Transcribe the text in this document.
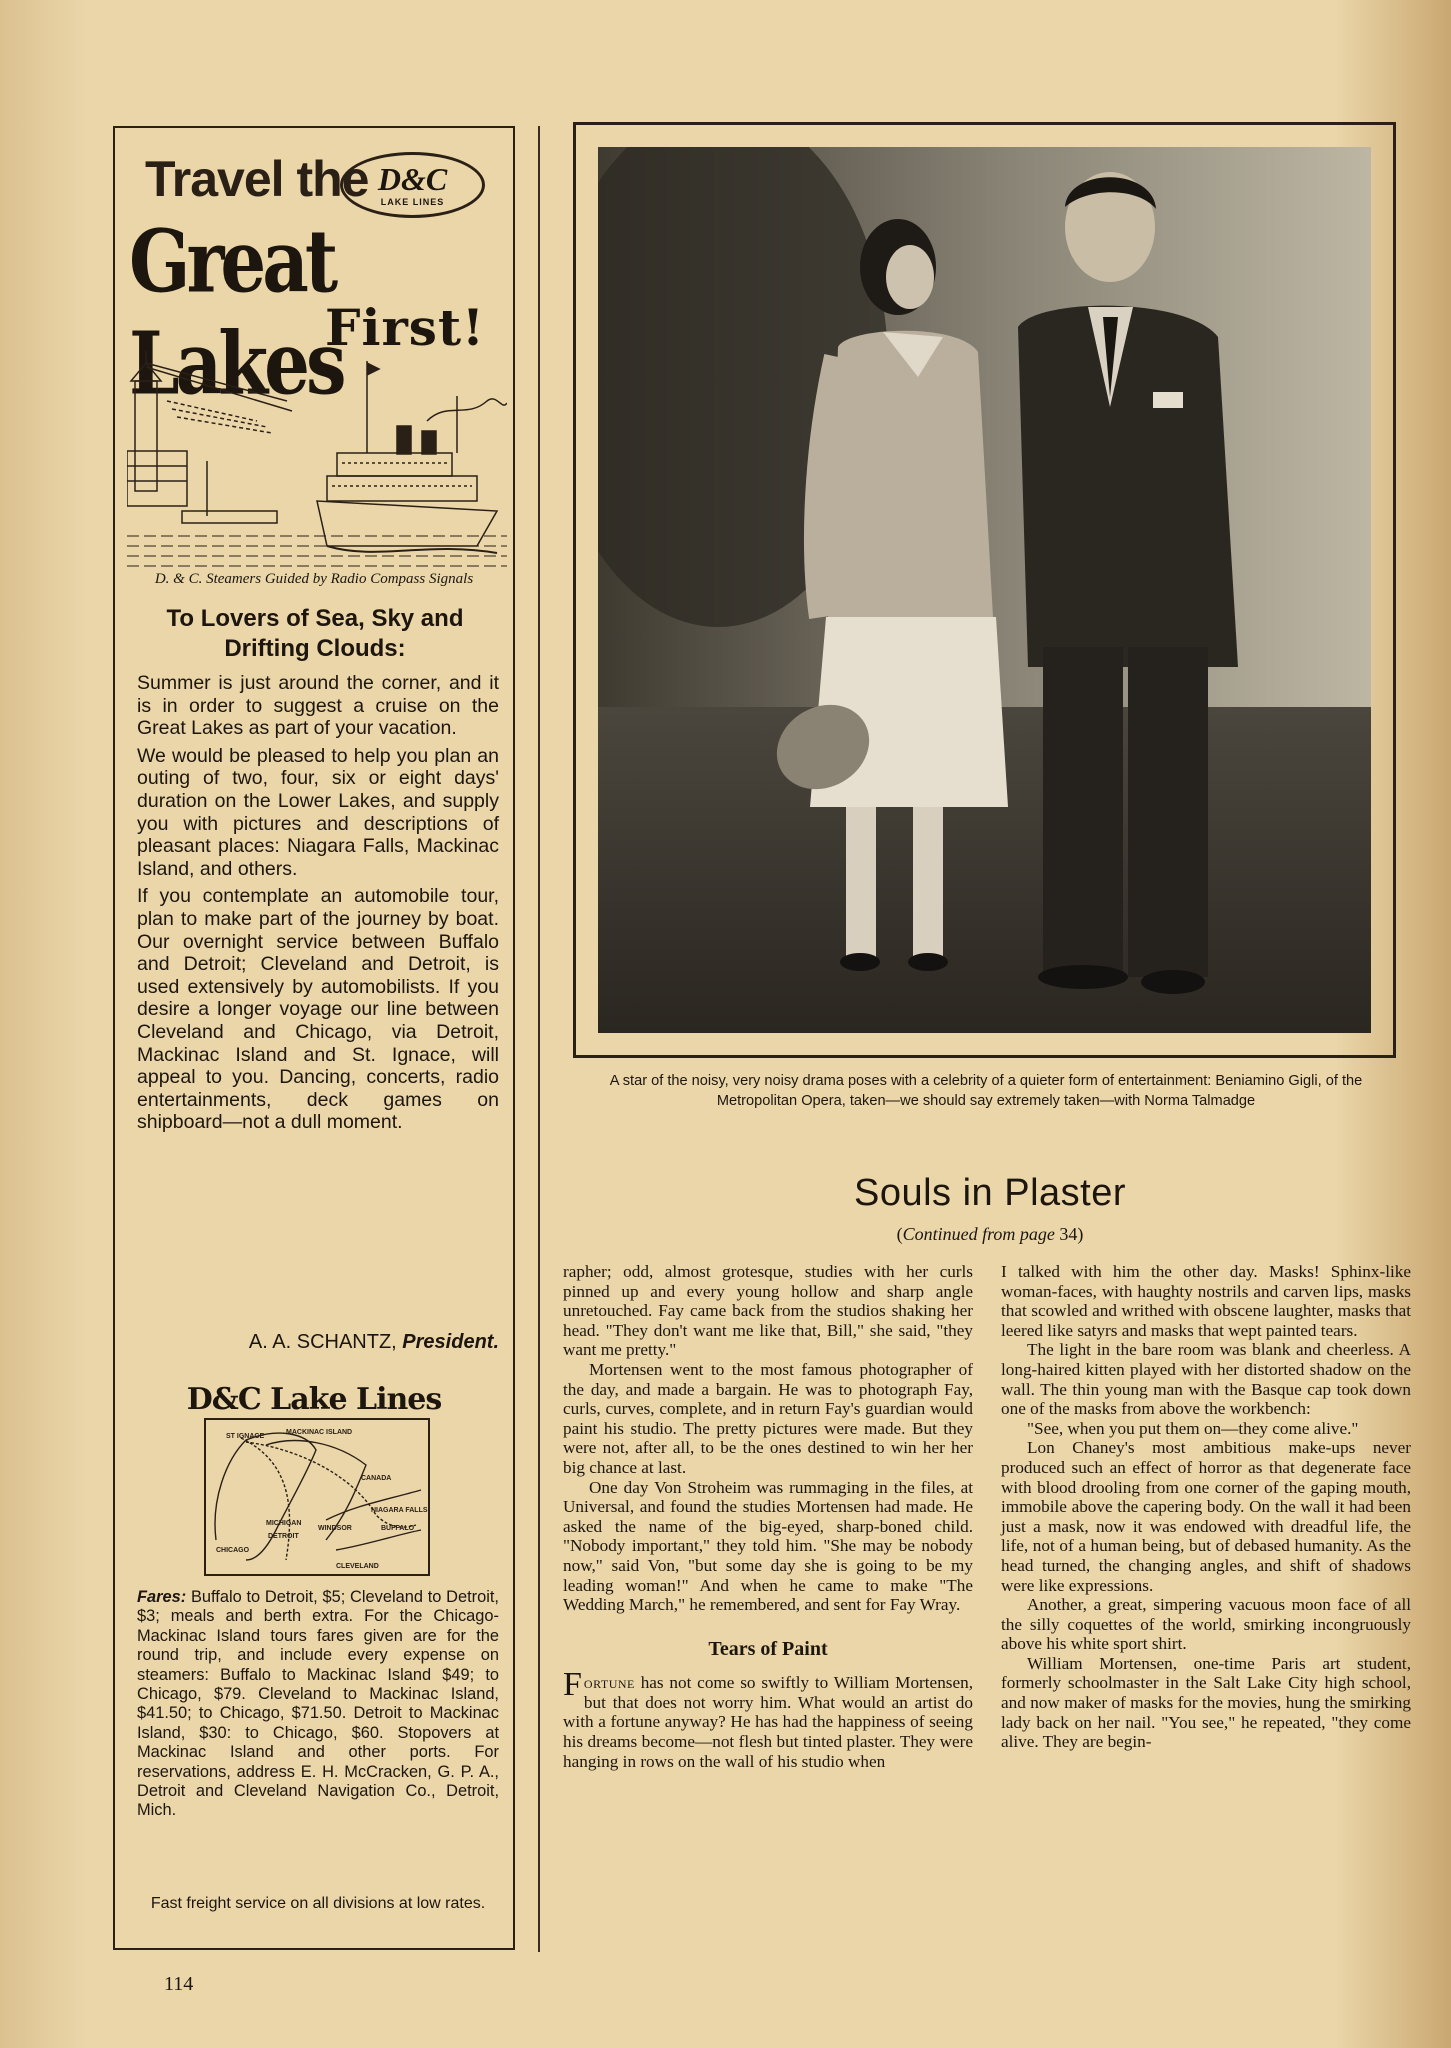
Travel the D&C
LAKE LINES
Great Lakes
First!
D. & C. Steamers Guided by Radio Compass Signals
To Lovers of Sea, Sky and Drifting Clouds:

Summer is just around the corner, and it is in order to suggest a cruise on the Great Lakes as part of your vacation.

We would be pleased to help you plan an outing of two, four, six or eight days' duration on the Lower Lakes, and supply you with pictures and descriptions of pleasant places: Niagara Falls, Mackinac Island, and others.

If you contemplate an automobile tour, plan to make part of the journey by boat. Our overnight service between Buffalo and Detroit; Cleveland and Detroit, is used extensively by automobilists. If you desire a longer voyage our line between Cleveland and Chicago, via Detroit, Mackinac Island and St. Ignace, will appeal to you. Dancing, concerts, radio entertainments, deck games on shipboard—not a dull moment.

A. A. SCHANTZ, President.
D&C Lake Lines
ST IGNACE
MACKINAC ISLAND
CANADA
MICHIGAN
DETROIT
WINDSOR
NIAGARA FALLS
BUFFALO
CHICAGO
CLEVELAND
Fares: Buffalo to Detroit, $5; Cleveland to Detroit, $3; meals and berth extra. For the Chicago-Mackinac Island tours fares given are for the round trip, and include every expense on steamers: Buffalo to Mackinac Island $49; to Chicago, $79. Cleveland to Mackinac Island, $41.50; to Chicago, $71.50. Detroit to Mackinac Island, $30: to Chicago, $60. Stopovers at Mackinac Island and other ports. For reservations, address E. H. McCracken, G. P. A., Detroit and Cleveland Navigation Co., Detroit, Mich.
Fast freight service on all divisions at low rates.
114
A star of the noisy, very noisy drama poses with a celebrity of a quieter form of entertainment: Beniamino Gigli, of the Metropolitan Opera, taken—we should say extremely taken—with Norma Talmadge
Souls in Plaster
(Continued from page 34)

rapher; odd, almost grotesque, studies with her curls pinned up and every young hollow and sharp angle unretouched. Fay came back from the studios shaking her head. "They don't want me like that, Bill," she said, "they want me pretty."

Mortensen went to the most famous photographer of the day, and made a bargain. He was to photograph Fay, curls, curves, complete, and in return Fay's guardian would paint his studio. The pretty pictures were made. But they were not, after all, to be the ones destined to win her her big chance at last.

One day Von Stroheim was rummaging in the files, at Universal, and found the studies Mortensen had made. He asked the name of the big-eyed, sharp-boned child. "Nobody important," they told him. "She may be nobody now," said Von, "but some day she is going to be my leading woman!" And when he came to make "The Wedding March," he remembered, and sent for Fay Wray.

Tears of Paint

Fortune has not come so swiftly to William Mortensen, but that does not worry him. What would an artist do with a fortune anyway? He has had the happiness of seeing his dreams become—not flesh but tinted plaster. They were hanging in rows on the wall of his studio when

I talked with him the other day. Masks! Sphinx-like woman-faces, with haughty nostrils and carven lips, masks that scowled and writhed with obscene laughter, masks that leered like satyrs and masks that wept painted tears.

The light in the bare room was blank and cheerless. A long-haired kitten played with her distorted shadow on the wall. The thin young man with the Basque cap took down one of the masks from above the workbench:

"See, when you put them on—they come alive."

Lon Chaney's most ambitious make-ups never produced such an effect of horror as that degenerate face with blood drooling from one corner of the gaping mouth, immobile above the capering body. On the wall it had been just a mask, now it was endowed with dreadful life, the life, not of a human being, but of debased humanity. As the head turned, the changing angles, and shift of shadows were like expressions.

Another, a great, simpering vacuous moon face of all the silly coquettes of the world, smirking incongruously above his white sport shirt.

William Mortensen, one-time Paris art student, formerly schoolmaster in the Salt Lake City high school, and now maker of masks for the movies, hung the smirking lady back on her nail. "You see," he repeated, "they come alive. They are begin-
